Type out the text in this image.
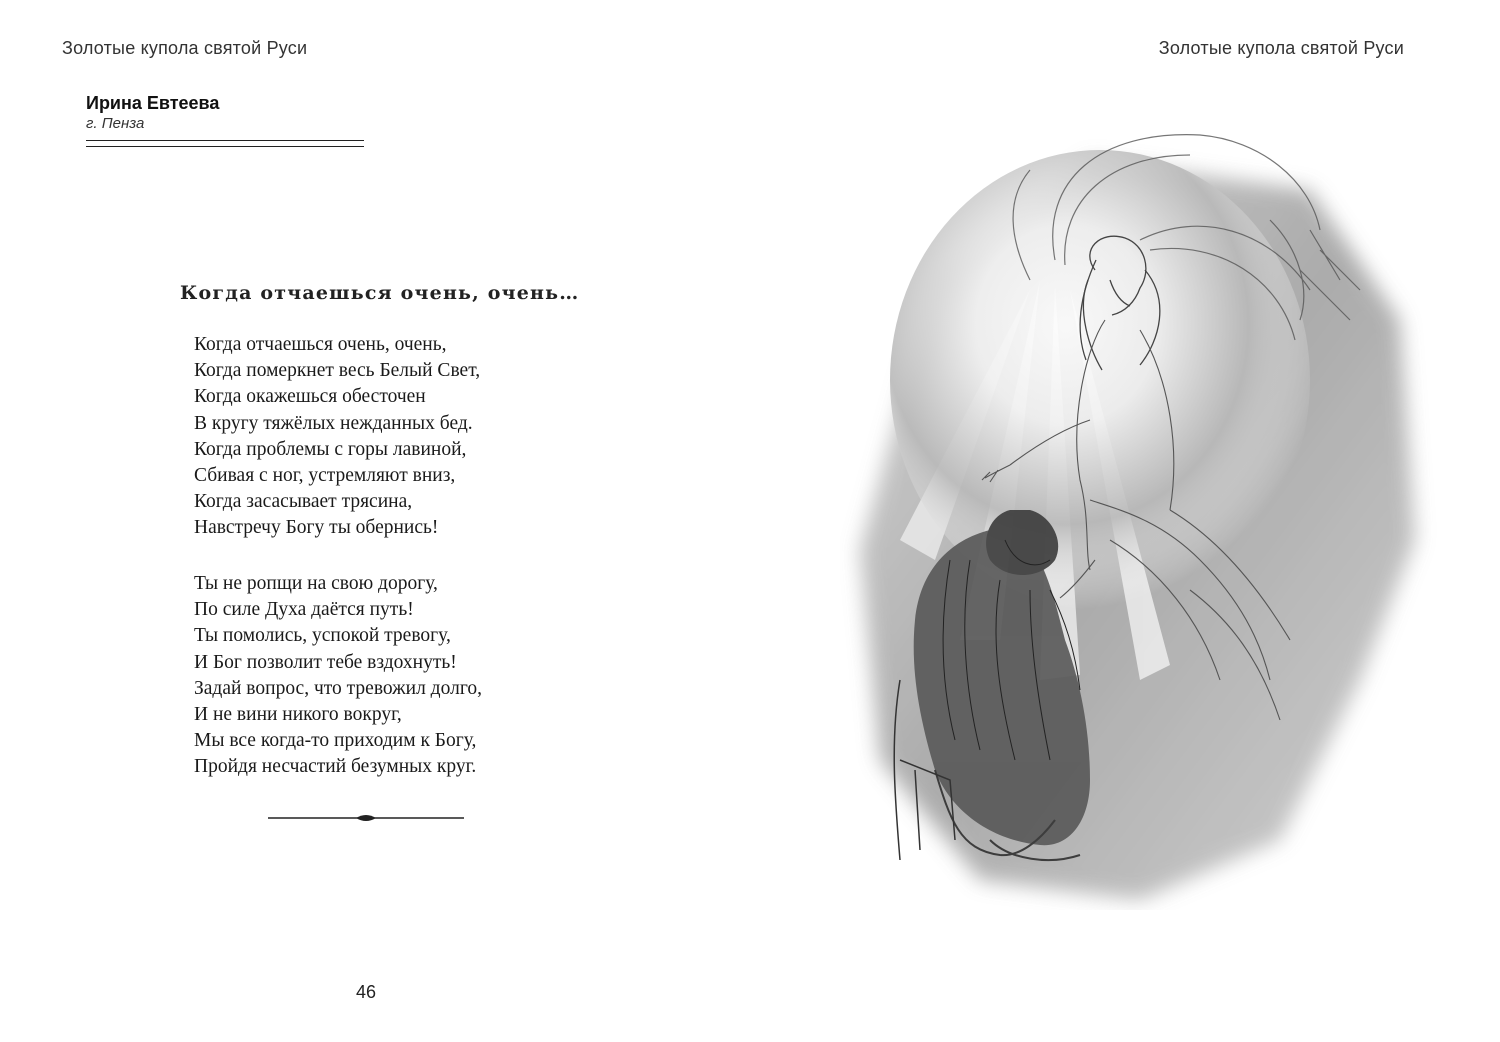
Золотые купола святой Руси
Ирина Евтеева
г. Пенза
Когда отчаешься очень, очень…
Когда отчаешься очень, очень,
Когда померкнет весь Белый Свет,
Когда окажешься обесточен
В кругу тяжёлых нежданных бед.
Когда проблемы с горы лавиной,
Сбивая с ног, устремляют вниз,
Когда засасывает трясина,
Навстречу Богу ты обернись!
Ты не ропщи на свою дорогу,
По силе Духа даётся путь!
Ты помолись, успокой тревогу,
И Бог позволит тебе вздохнуть!
Задай вопрос, что тревожил долго,
И не вини никого вокруг,
Мы все когда-то приходим к Богу,
Пройдя несчастий безумных круг.
46
Золотые купола святой Руси
